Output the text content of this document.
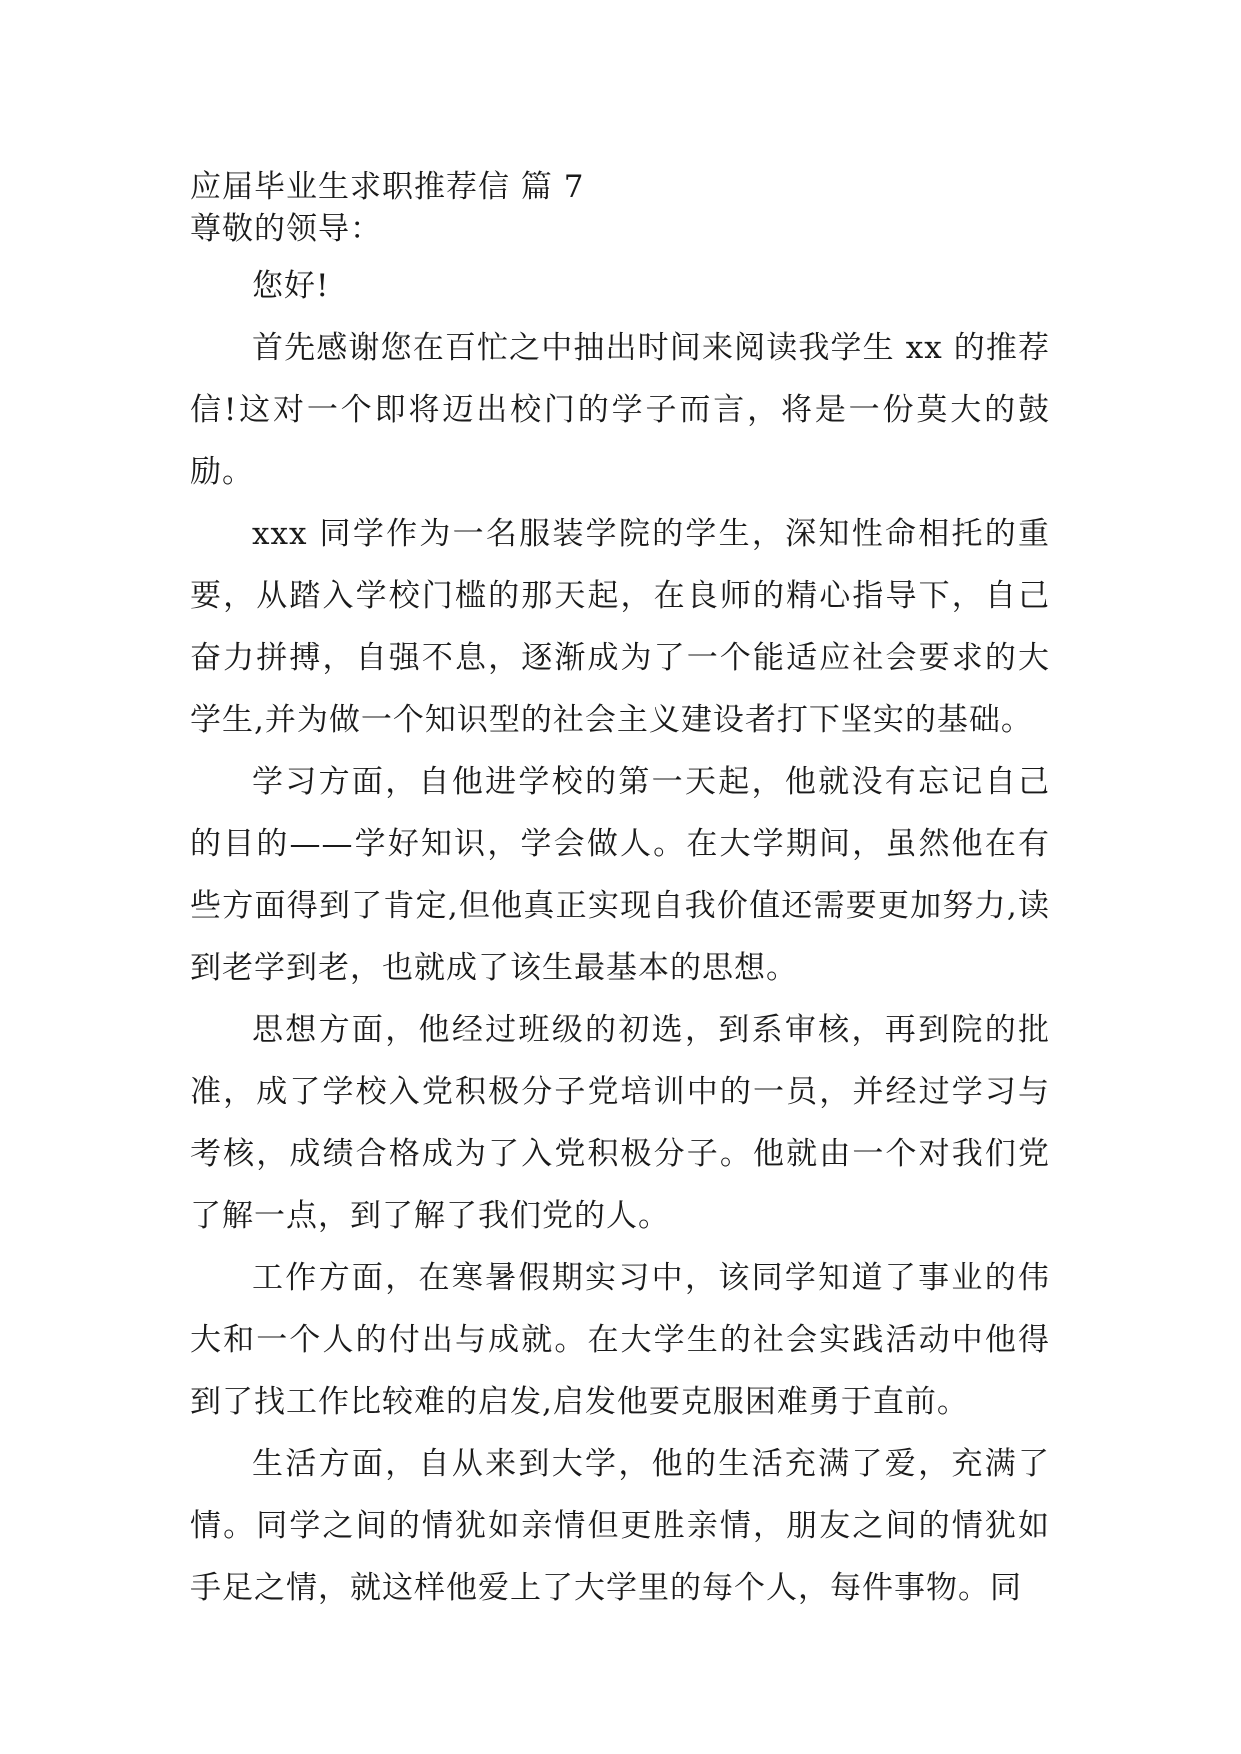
应届毕业生求职推荐信 篇 7
尊敬的领导：

您好!

首先感谢您在百忙之中抽出时间来阅读我学生 xx 的推荐信!这对一个即将迈出校门的学子而言，将是一份莫大的鼓励。

xxx 同学作为一名服装学院的学生，深知性命相托的重要，从踏入学校门槛的那天起，在良师的精心指导下，自己奋力拼搏，自强不息，逐渐成为了一个能适应社会要求的大学生,并为做一个知识型的社会主义建设者打下坚实的基础。

学习方面，自他进学校的第一天起，他就没有忘记自己的目的——学好知识，学会做人。在大学期间，虽然他在有些方面得到了肯定,但他真正实现自我价值还需要更加努力,读到老学到老，也就成了该生最基本的思想。

思想方面，他经过班级的初选，到系审核，再到院的批准，成了学校入党积极分子党培训中的一员，并经过学习与考核，成绩合格成为了入党积极分子。他就由一个对我们党了解一点，到了解了我们党的人。

工作方面，在寒暑假期实习中，该同学知道了事业的伟大和一个人的付出与成就。在大学生的社会实践活动中他得到了找工作比较难的启发,启发他要克服困难勇于直前。

生活方面，自从来到大学，他的生活充满了爱，充满了情。同学之间的情犹如亲情但更胜亲情，朋友之间的情犹如手足之情，就这样他爱上了大学里的每个人，每件事物。同
